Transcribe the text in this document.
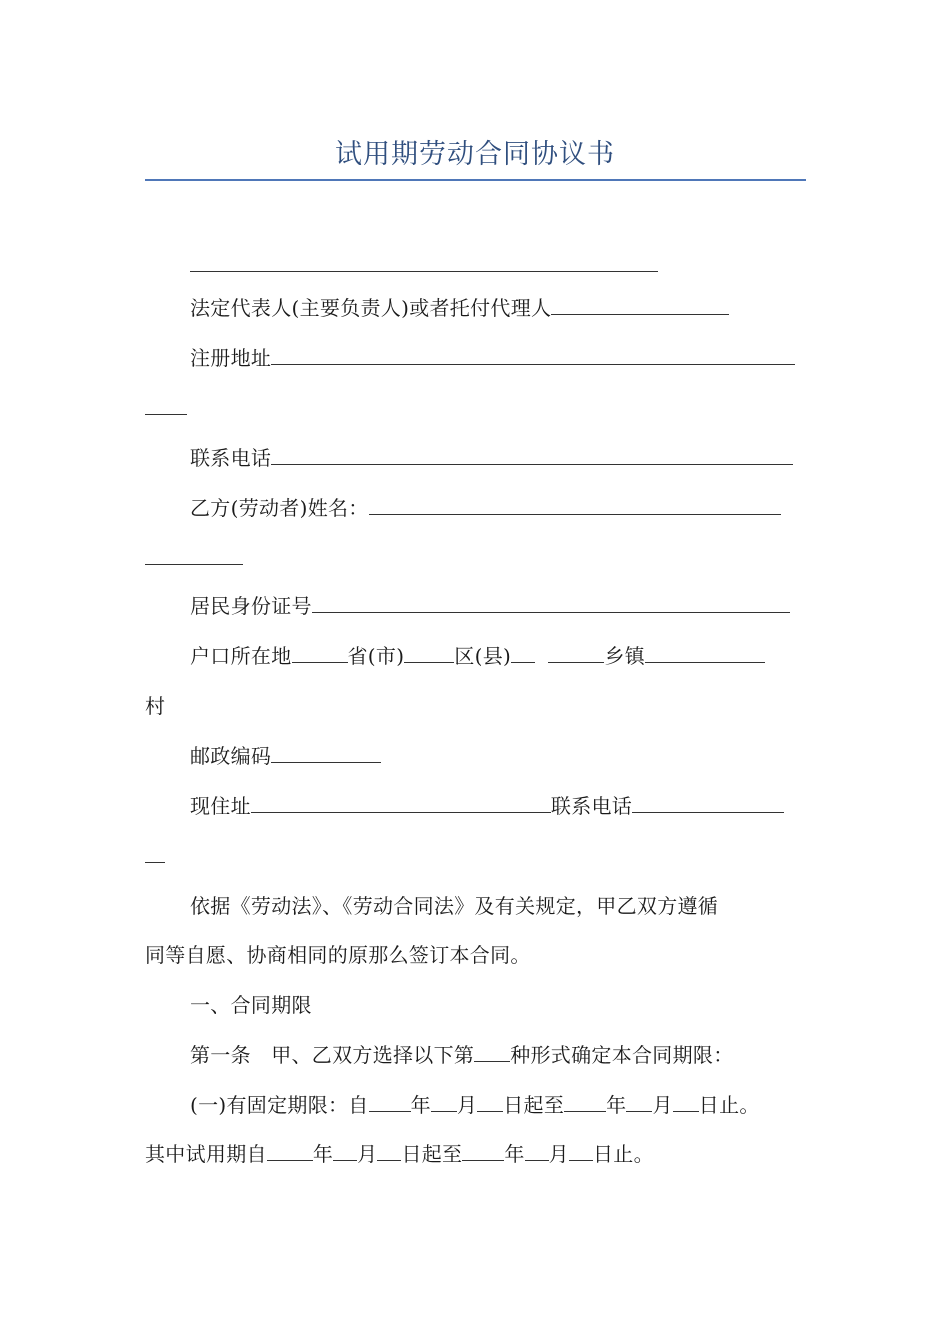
试用期劳动合同协议书
法定代表人(主要负责人)或者托付代理人
注册地址
联系电话
乙方(劳动者)姓名：
居民身份证号
户口所在地	省(市)	区(县)	乡镇
村
邮政编码
现住址	联系电话
依据《劳动法》、《劳动合同法》及有关规定，甲乙双方遵循
同等自愿、协商相同的原那么签订本合同。
一、合同期限
第一条　甲、乙双方选择以下第 种形式确定本合同期限：
(一)有固定期限：自 年 月 日起至 年 月 日止。
其中试用期自 年 月 日起至 年 月 日止。
